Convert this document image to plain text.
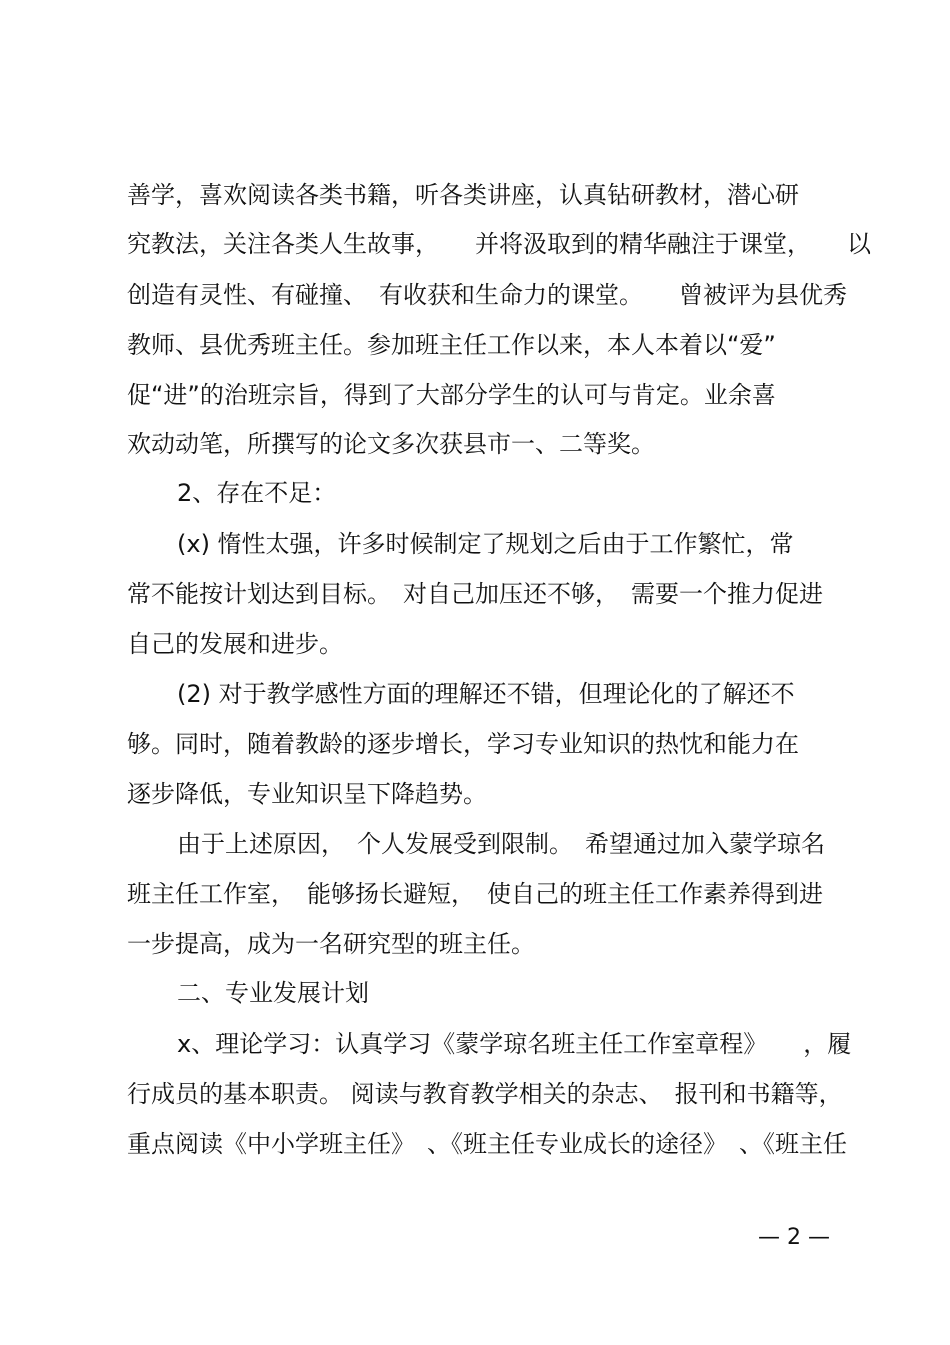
善学，喜欢阅读各类书籍，听各类讲座，认真钻研教材，潜心研
究教法，关注各类人生故事，　　并将汲取到的精华融注于课堂，　　以
创造有灵性、有碰撞、　有收获和生命力的课堂。　　曾被评为县优秀
教师、县优秀班主任。参加班主任工作以来，本人本着以“爱”
促“进”的治班宗旨，得到了大部分学生的认可与肯定。业余喜
欢动动笔，所撰写的论文多次获县市一、二等奖。
2、存在不足：
(x) 惰性太强，许多时候制定了规划之后由于工作繁忙，常
常不能按计划达到目标。　对自己加压还不够，　需要一个推力促进
自己的发展和进步。
(2) 对于教学感性方面的理解还不错，但理论化的了解还不
够。同时，随着教龄的逐步增长，学习专业知识的热忱和能力在
逐步降低，专业知识呈下降趋势。
由于上述原因，　个人发展受到限制。　希望通过加入蒙学琼名
班主任工作室，　能够扬长避短，　使自己的班主任工作素养得到进
一步提高，成为一名研究型的班主任。
二、专业发展计划
x、理论学习：认真学习《蒙学琼名班主任工作室章程》　　，履
行成员的基本职责。 阅读与教育教学相关的杂志、　报刊和书籍等，
重点阅读《中小学班主任》　、《班主任专业成长的途径》　、《班主任
— 2 —
